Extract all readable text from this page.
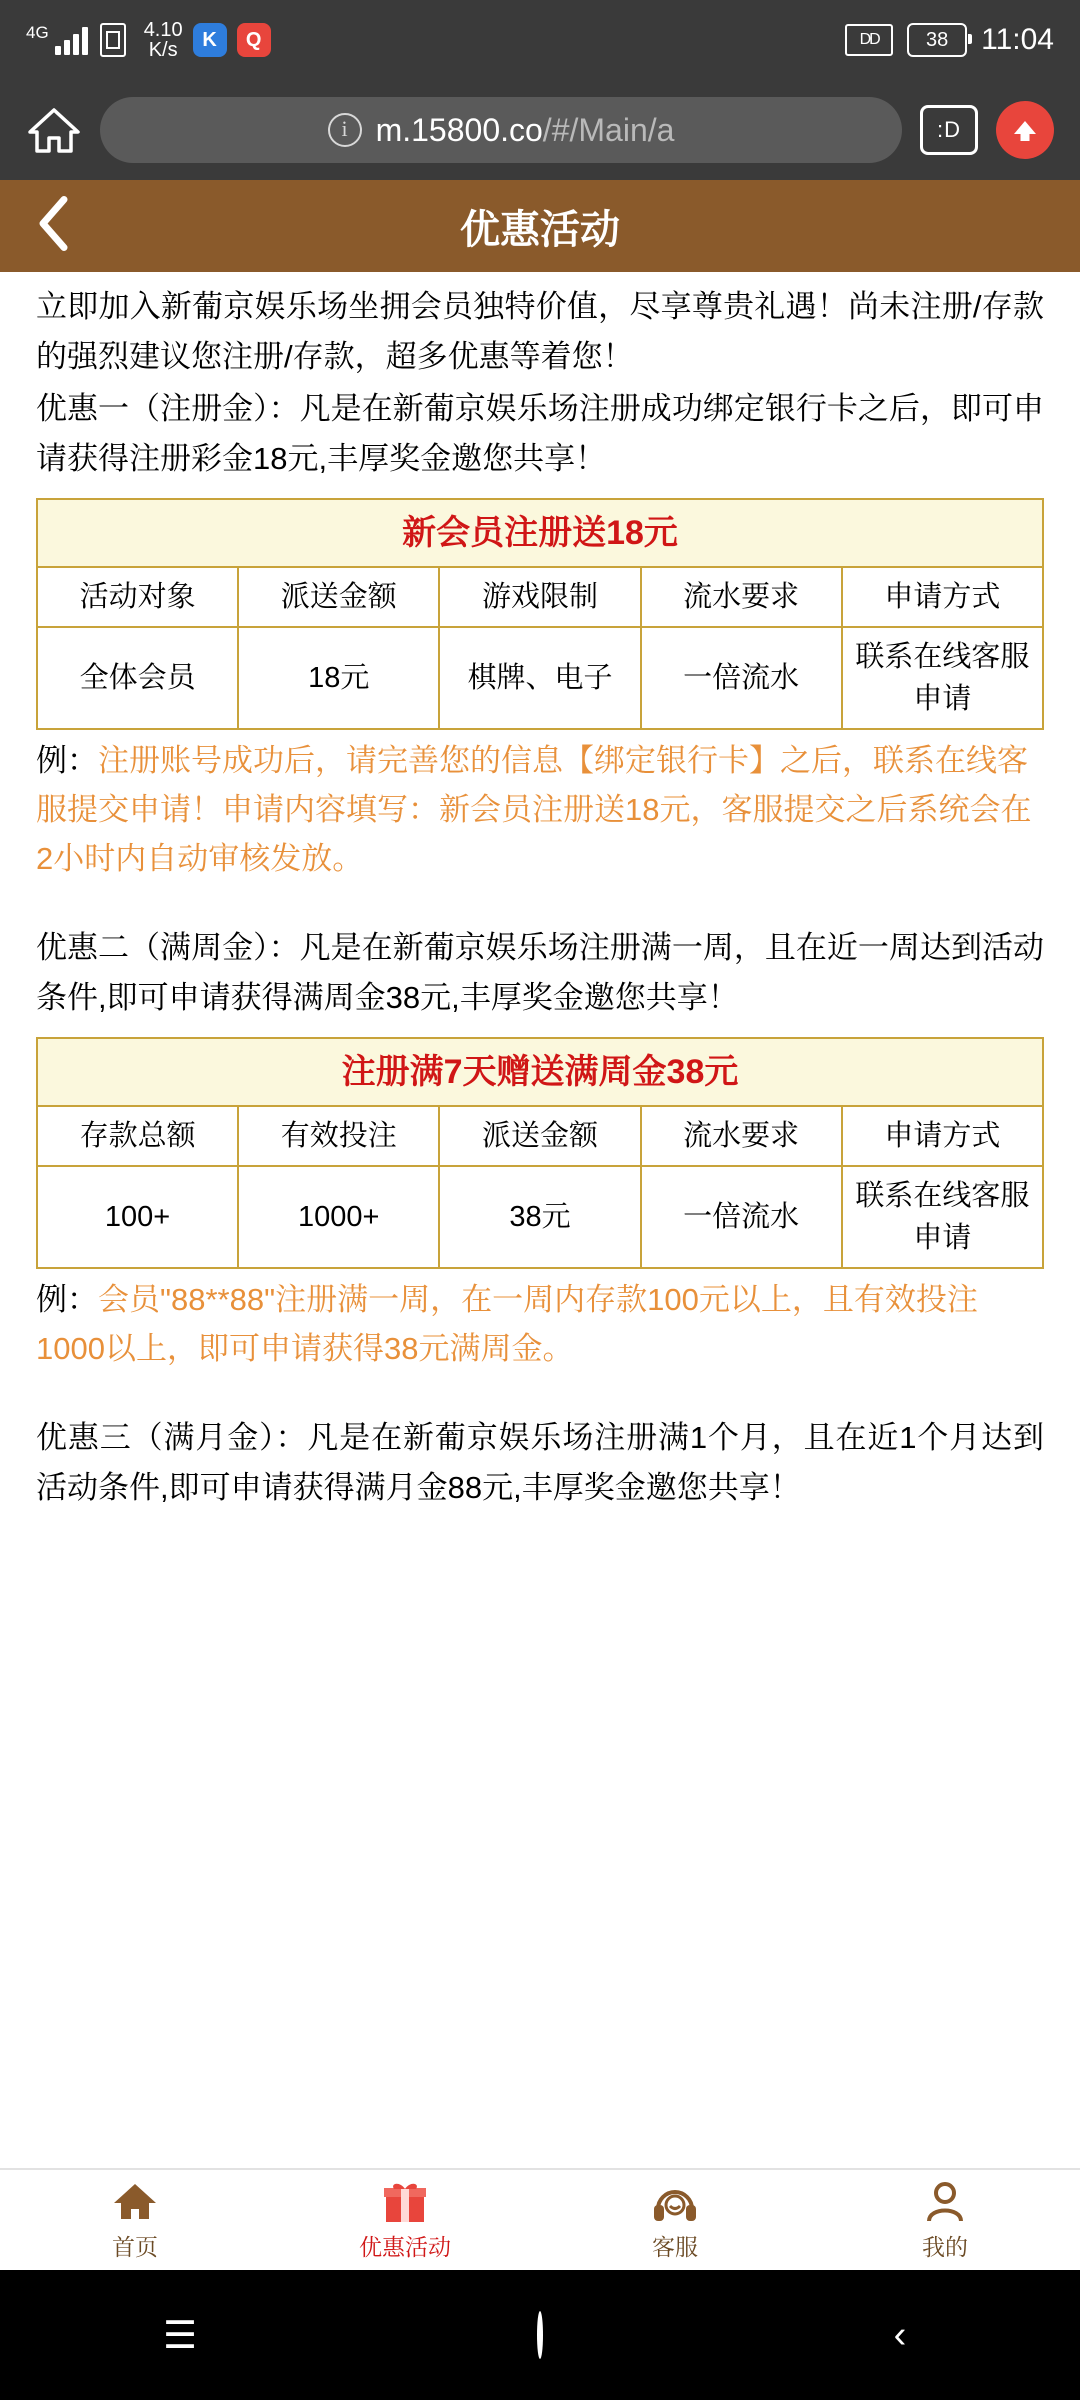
4G	4.10
K/s	K	Q	DD	38	11:04
i m.15800.co/#/Main/a	:D
优惠活动

立即加入新葡京娱乐场坐拥会员独特价值，尽享尊贵礼遇！尚未注册/存款的强烈建议您注册/存款，超多优惠等着您！

优惠一（注册金）：凡是在新葡京娱乐场注册成功绑定银行卡之后，即可申请获得注册彩金18元,丰厚奖金邀您共享！

新会员注册送18元				
活动对象	派送金额	游戏限制	流水要求	申请方式
全体会员	18元	棋牌、电子	一倍流水	联系在线客服申请

例：注册账号成功后，请完善您的信息【绑定银行卡】之后，联系在线客服提交申请！申请内容填写：新会员注册送18元，客服提交之后系统会在2小时内自动审核发放。

优惠二（满周金）：凡是在新葡京娱乐场注册满一周，且在近一周达到活动条件,即可申请获得满周金38元,丰厚奖金邀您共享！

注册满7天赠送满周金38元				
存款总额	有效投注	派送金额	流水要求	申请方式
100+	1000+	38元	一倍流水	联系在线客服申请

例：会员"88**88"注册满一周，在一周内存款100元以上，且有效投注1000以上，即可申请获得38元满周金。

优惠三（满月金）：凡是在新葡京娱乐场注册满1个月，且在近1个月达到活动条件,即可申请获得满月金88元,丰厚奖金邀您共享！

首页	优惠活动	客服	我的
☰	‹
